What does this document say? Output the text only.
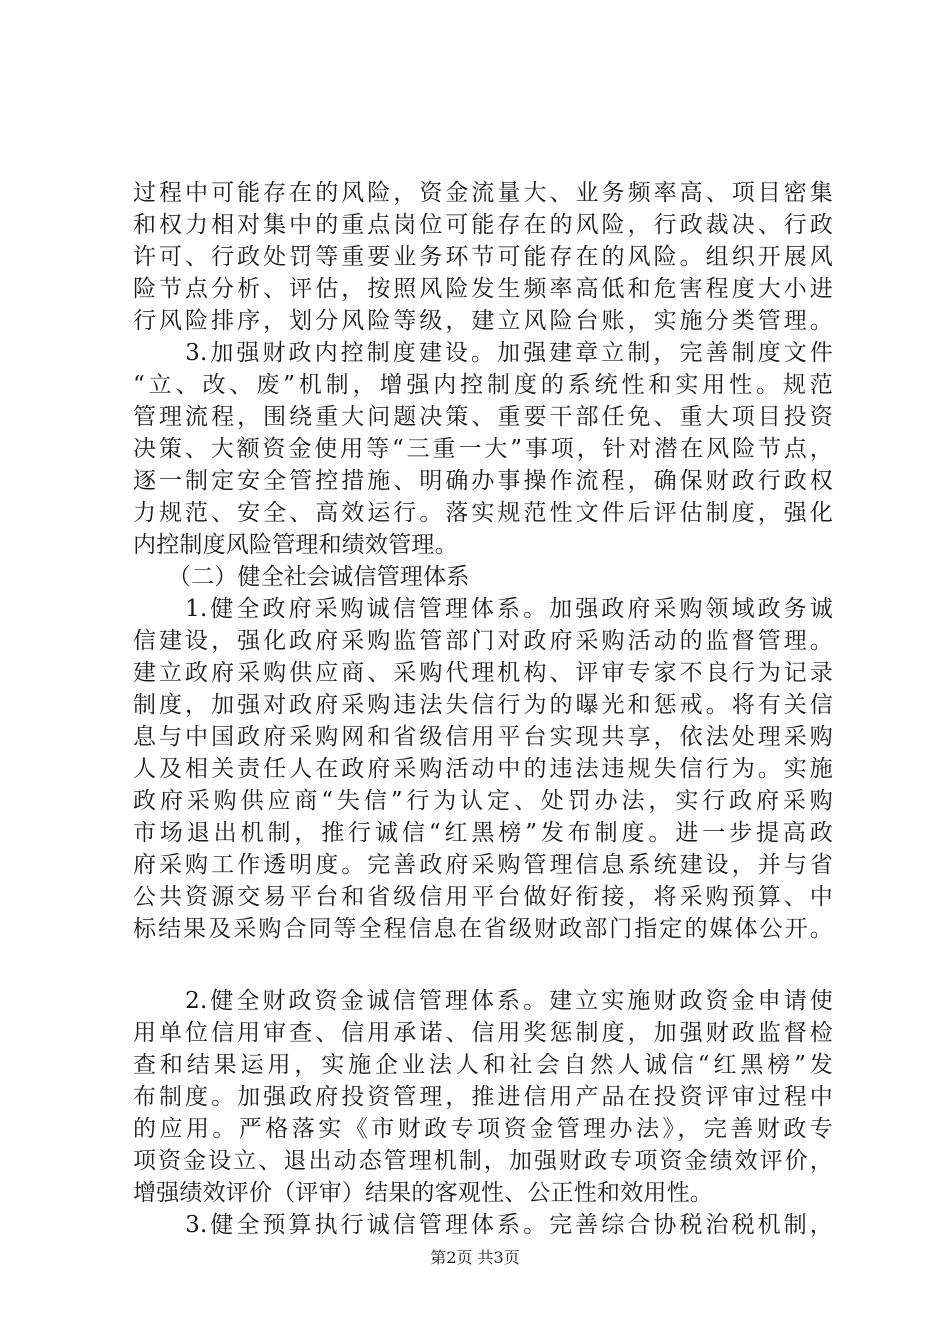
过程中可能存在的风险，资金流量大、业务频率高、项目密集
和权力相对集中的重点岗位可能存在的风险，行政裁决、行政
许可、行政处罚等重要业务环节可能存在的风险。组织开展风
险节点分析、评估，按照风险发生频率高低和危害程度大小进
行风险排序，划分风险等级，建立风险台账，实施分类管理。
　　3.加强财政内控制度建设。加强建章立制，完善制度文件
“立、改、废”机制，增强内控制度的系统性和实用性。规范
管理流程，围绕重大问题决策、重要干部任免、重大项目投资
决策、大额资金使用等“三重一大”事项，针对潜在风险节点，
逐一制定安全管控措施、明确办事操作流程，确保财政行政权
力规范、安全、高效运行。落实规范性文件后评估制度，强化
内控制度风险管理和绩效管理。
　　（二）健全社会诚信管理体系
　　1.健全政府采购诚信管理体系。加强政府采购领域政务诚
信建设，强化政府采购监管部门对政府采购活动的监督管理。
建立政府采购供应商、采购代理机构、评审专家不良行为记录
制度，加强对政府采购违法失信行为的曝光和惩戒。将有关信
息与中国政府采购网和省级信用平台实现共享，依法处理采购
人及相关责任人在政府采购活动中的违法违规失信行为。实施
政府采购供应商“失信”行为认定、处罚办法，实行政府采购
市场退出机制，推行诚信“红黑榜”发布制度。进一步提高政
府采购工作透明度。完善政府采购管理信息系统建设，并与省
公共资源交易平台和省级信用平台做好衔接，将采购预算、中
标结果及采购合同等全程信息在省级财政部门指定的媒体公开。
　　2.健全财政资金诚信管理体系。建立实施财政资金申请使
用单位信用审查、信用承诺、信用奖惩制度，加强财政监督检
查和结果运用，实施企业法人和社会自然人诚信“红黑榜”发
布制度。加强政府投资管理，推进信用产品在投资评审过程中
的应用。严格落实《市财政专项资金管理办法》，完善财政专
项资金设立、退出动态管理机制，加强财政专项资金绩效评价，
增强绩效评价（评审）结果的客观性、公正性和效用性。
　　3.健全预算执行诚信管理体系。完善综合协税治税机制，
第2页 共3页
